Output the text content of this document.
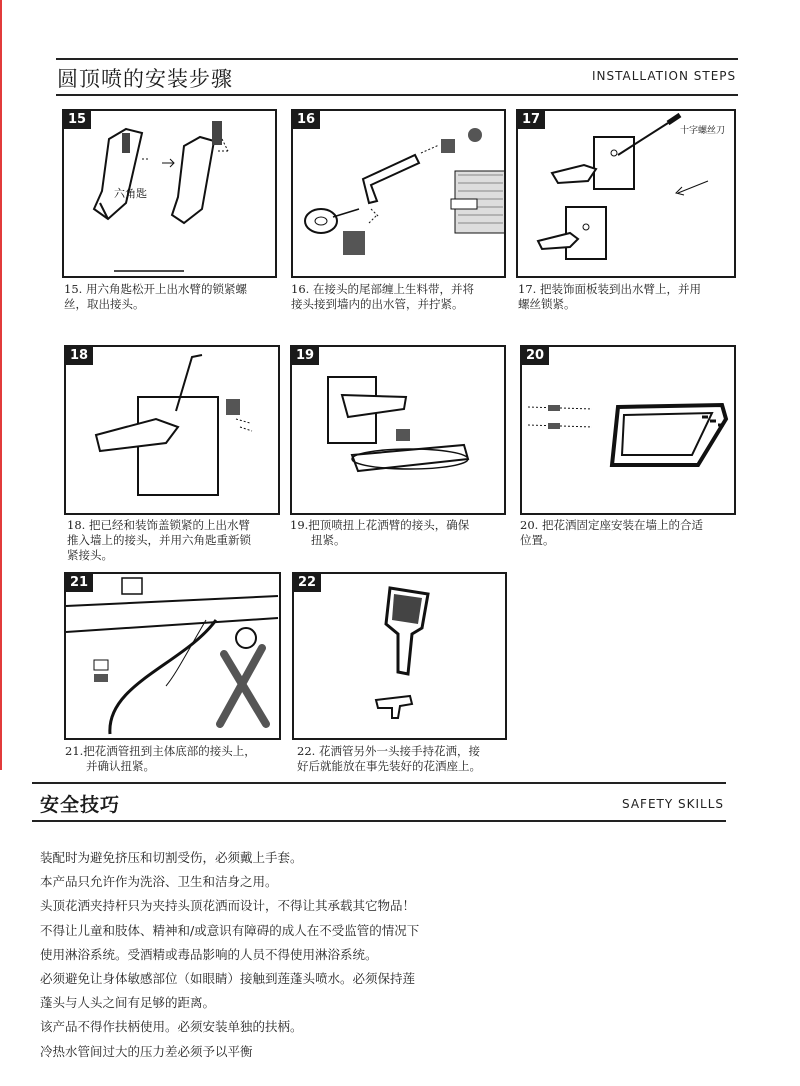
圆顶喷的安装步骤	INSTALLATION STEPS
15
六角匙
15. 用六角匙松开上出水臂的锁紧螺
丝，取出接头。
16
16. 在接头的尾部缠上生料带，并将
接头接到墙内的出水管，并拧紧。
17
十字螺丝刀
17. 把装饰面板装到出水臂上，并用
螺丝锁紧。
18
18. 把已经和装饰盖锁紧的上出水臂
推入墙上的接头，并用六角匙重新锁
紧接头。
19
19.把顶喷扭上花洒臂的接头，确保
扭紧。
20
20. 把花洒固定座安装在墙上的合适
位置。
21
21.把花洒管扭到主体底部的接头上，
并确认扭紧。
22
22. 花洒管另外一头接手持花洒，接
好后就能放在事先装好的花洒座上。
安全技巧	SAFETY SKILLS
装配时为避免挤压和切割受伤，必须戴上手套。
本产品只允许作为洗浴、卫生和洁身之用。
头顶花洒夹持杆只为夹持头顶花洒而设计，不得让其承载其它物品！
不得让儿童和肢体、精神和/或意识有障碍的成人在不受监管的情况下
使用淋浴系统。受酒精或毒品影响的人员不得使用淋浴系统。
必须避免让身体敏感部位（如眼睛）接触到莲蓬头喷水。必须保持莲
蓬头与人头之间有足够的距离。
该产品不得作扶柄使用。必须安装单独的扶柄。
冷热水管间过大的压力差必须予以平衡
